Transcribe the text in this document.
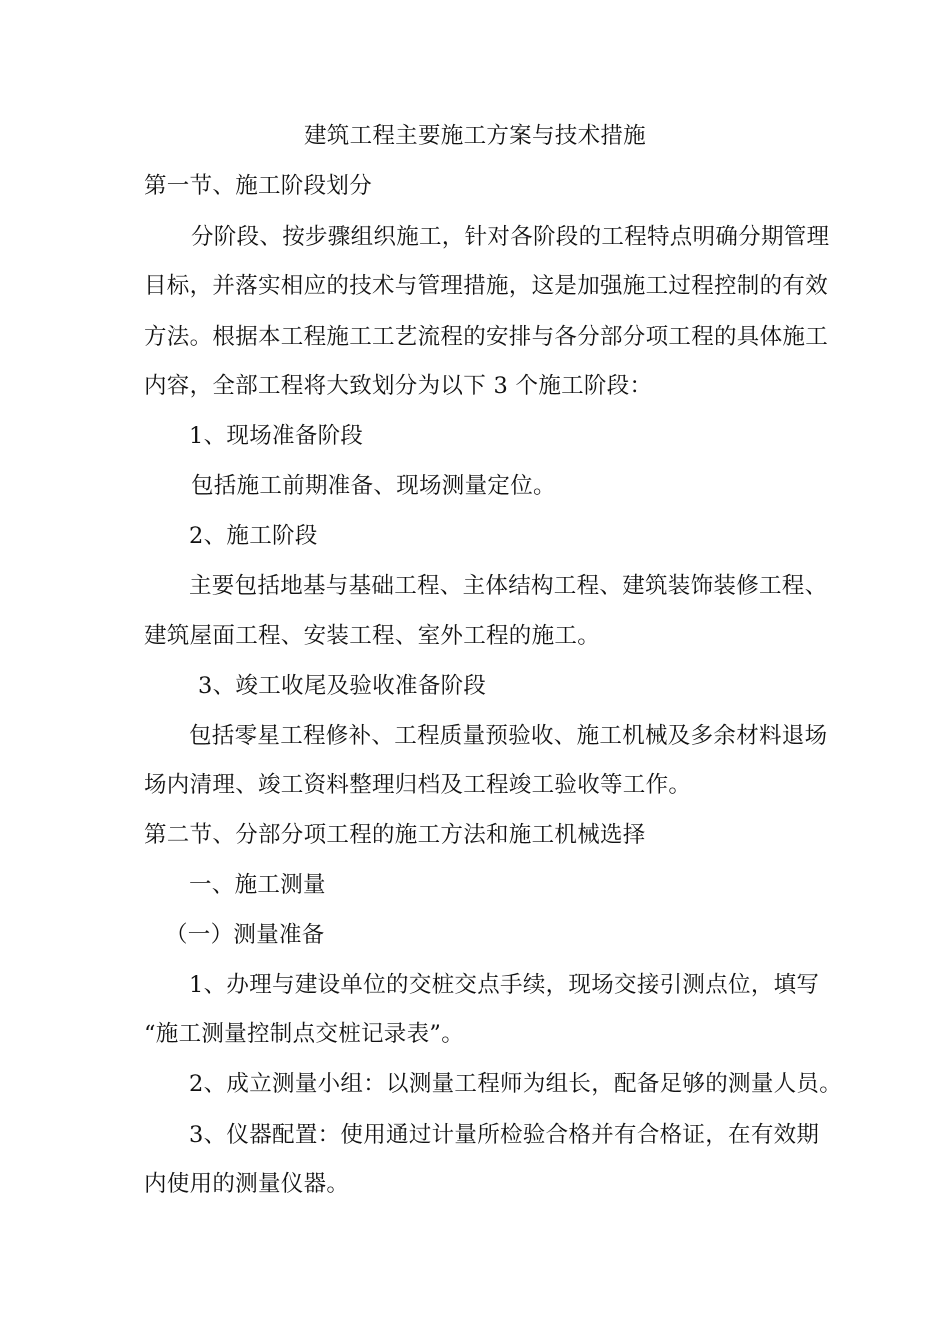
建筑工程主要施工方案与技术措施
第一节、施工阶段划分
分阶段、按步骤组织施工，针对各阶段的工程特点明确分期管理
目标，并落实相应的技术与管理措施，这是加强施工过程控制的有效
方法。根据本工程施工工艺流程的安排与各分部分项工程的具体施工
内容，全部工程将大致划分为以下 3 个施工阶段：
1、现场准备阶段
包括施工前期准备、现场测量定位。
2、施工阶段
主要包括地基与基础工程、主体结构工程、建筑装饰装修工程、
建筑屋面工程、安装工程、室外工程的施工。
3、竣工收尾及验收准备阶段
包括零星工程修补、工程质量预验收、施工机械及多余材料退场
场内清理、竣工资料整理归档及工程竣工验收等工作。
第二节、分部分项工程的施工方法和施工机械选择
一、施工测量
（一）测量准备
1、办理与建设单位的交桩交点手续，现场交接引测点位，填写
“施工测量控制点交桩记录表”。
2、成立测量小组：以测量工程师为组长，配备足够的测量人员。
3、仪器配置：使用通过计量所检验合格并有合格证，在有效期
内使用的测量仪器。
